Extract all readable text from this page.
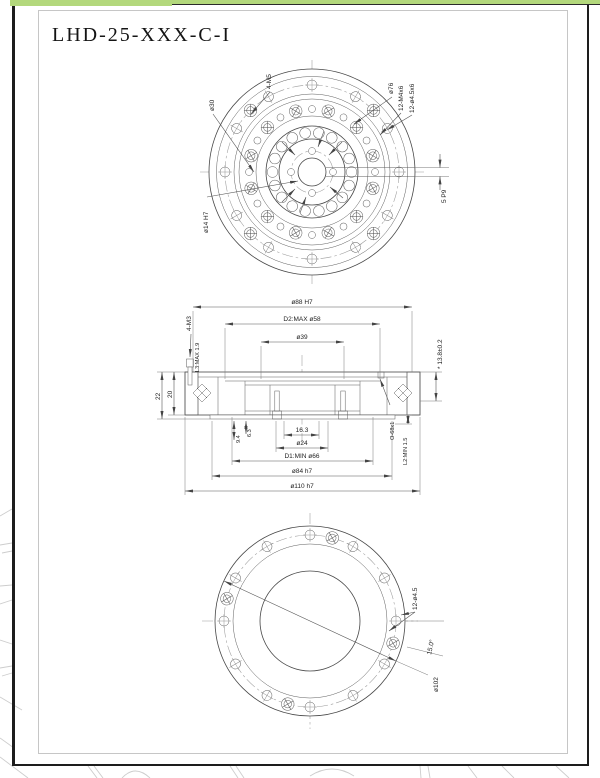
LHD-25-XXX-C-I
4-M5
ø30
ø76 12-ø4.5x6
12-M4x6
ø14 H7
5 P9
ø88 H7
D2:MAX ø58
ø39
4-M3
L3:MAX 1.9	* 13.8±0.2
22 20
16.3
ø24
D1:MIN ø66
ø84 h7
ø110 h7
9.4
6.3	O-68x1
L2:MIN 1.5
12-ø4.5
15.0°
ø102
